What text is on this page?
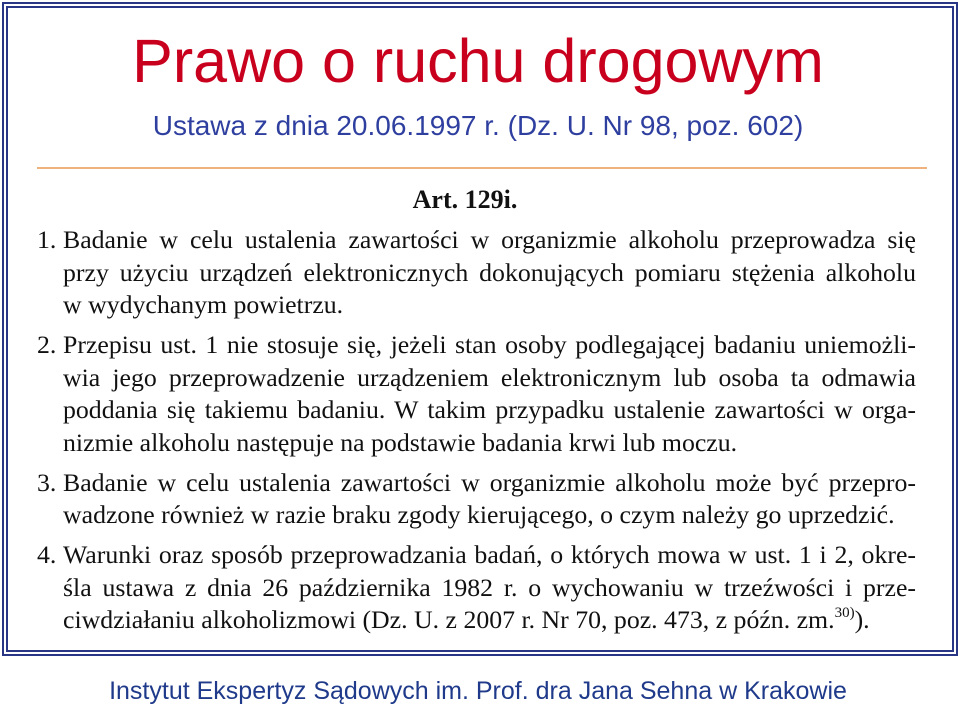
Prawo o ruchu drogowym
Ustawa z dnia 20.06.1997 r. (Dz. U. Nr 98, poz. 602)
Art. 129i.
1. Badanie w celu ustalenia zawartości w organizmie alkoholu przeprowadza się
przy użyciu urządzeń elektronicznych dokonujących pomiaru stężenia alkoholu
w wydychanym powietrzu.
2. Przepisu ust. 1 nie stosuje się, jeżeli stan osoby podlegającej badaniu uniemożli-
wia jego przeprowadzenie urządzeniem elektronicznym lub osoba ta odmawia
poddania się takiemu badaniu. W takim przypadku ustalenie zawartości w orga-
nizmie alkoholu następuje na podstawie badania krwi lub moczu.
3. Badanie w celu ustalenia zawartości w organizmie alkoholu może być przepro-
wadzone również w razie braku zgody kierującego, o czym należy go uprzedzić.
4. Warunki oraz sposób przeprowadzania badań, o których mowa w ust. 1 i 2, okre-
śla ustawa z dnia 26 października 1982 r. o wychowaniu w trzeźwości i prze-
ciwdziałaniu alkoholizmowi (Dz. U. z 2007 r. Nr 70, poz. 473, z późn. zm.$^{30)}$).
Instytut Ekspertyz Sądowych im. Prof. dra Jana Sehna w Krakowie
